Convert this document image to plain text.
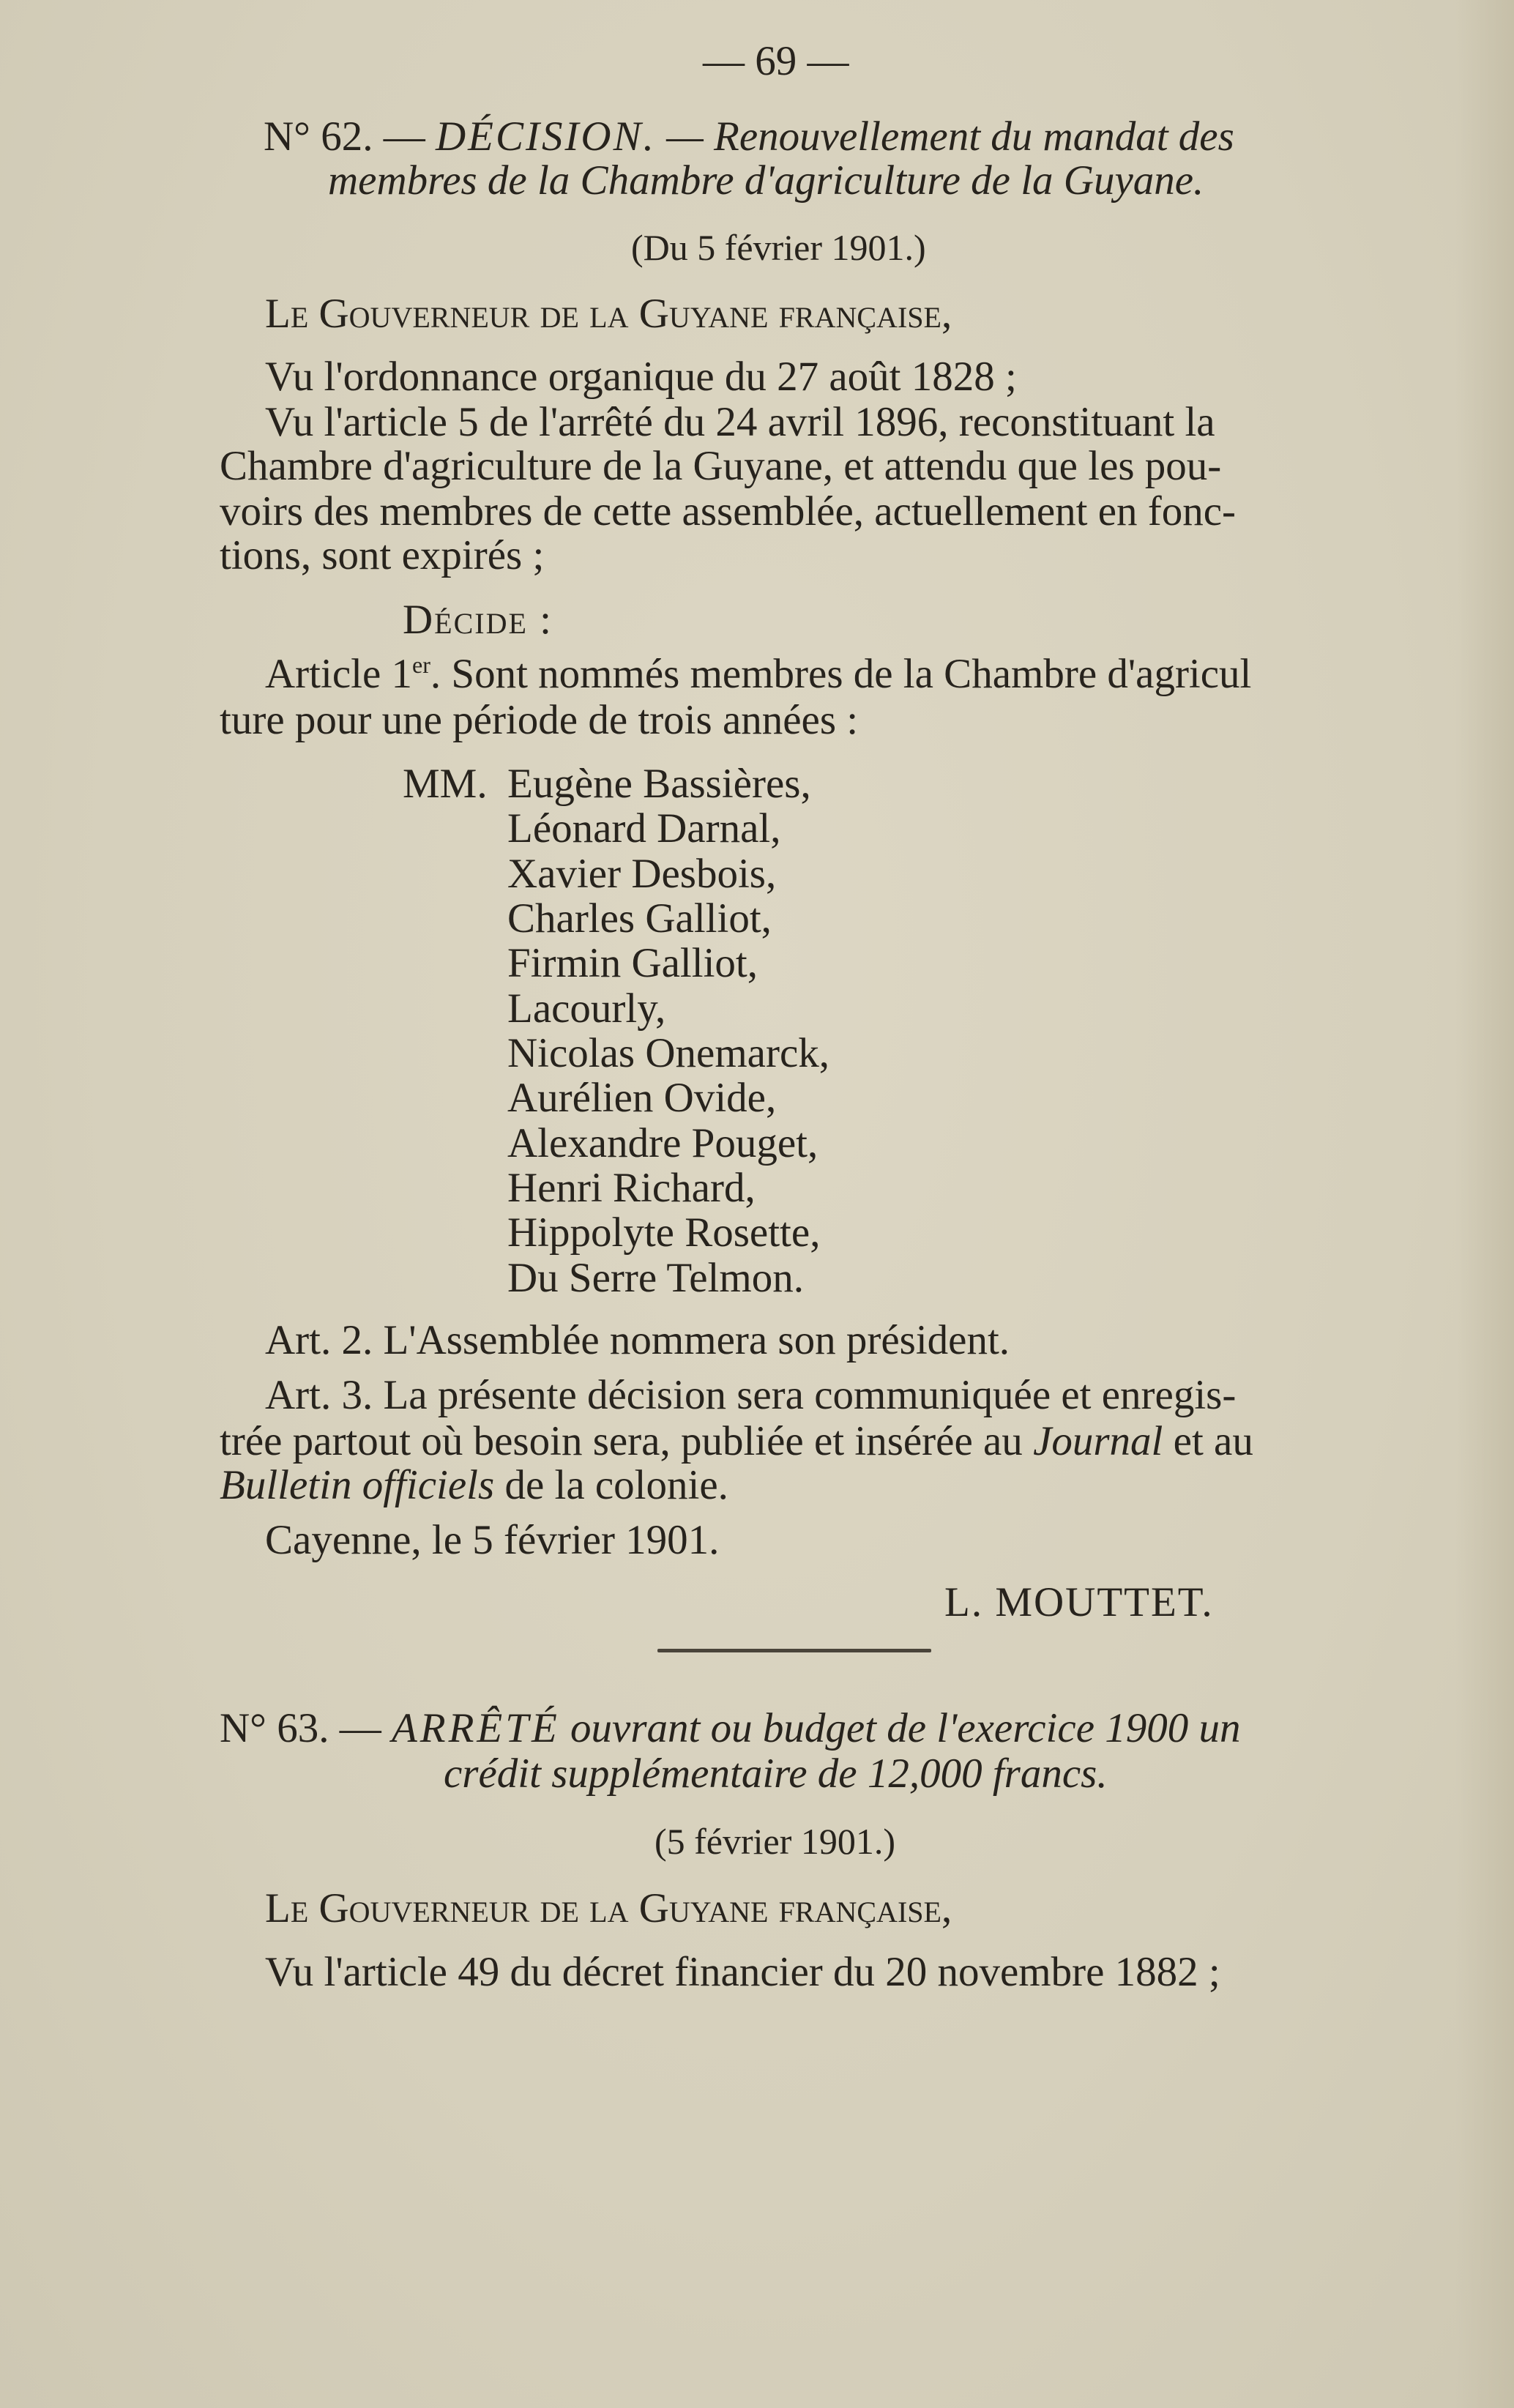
— 69 —
N° 62. — DÉCISION. — Renouvellement du mandat des
membres de la Chambre d'agriculture de la Guyane.
(Du 5 février 1901.)
Le Gouverneur de la Guyane française,
Vu l'ordonnance organique du 27 août 1828 ;
Vu l'article 5 de l'arrêté du 24 avril 1896, reconstituant la
Chambre d'agriculture de la Guyane, et attendu que les pou-
voirs des membres de cette assemblée, actuellement en fonc-
tions, sont expirés ;
Décide :
Article 1er. Sont nommés membres de la Chambre d'agricul
ture pour une période de trois années :
MM. Eugène Bassières,
Léonard Darnal,
Xavier Desbois,
Charles Galliot,
Firmin Galliot,
Lacourly,
Nicolas Onemarck,
Aurélien Ovide,
Alexandre Pouget,
Henri Richard,
Hippolyte Rosette,
Du Serre Telmon.
Art. 2. L'Assemblée nommera son président.
Art. 3. La présente décision sera communiquée et enregis-
trée partout où besoin sera, publiée et insérée au Journal et au
Bulletin officiels de la colonie.
Cayenne, le 5 février 1901.
L. MOUTTET.
N° 63. — ARRÊTÉ ouvrant ou budget de l'exercice 1900 un
crédit supplémentaire de 12,000 francs.
(5 février 1901.)
Le Gouverneur de la Guyane française,
Vu l'article 49 du décret financier du 20 novembre 1882 ;
